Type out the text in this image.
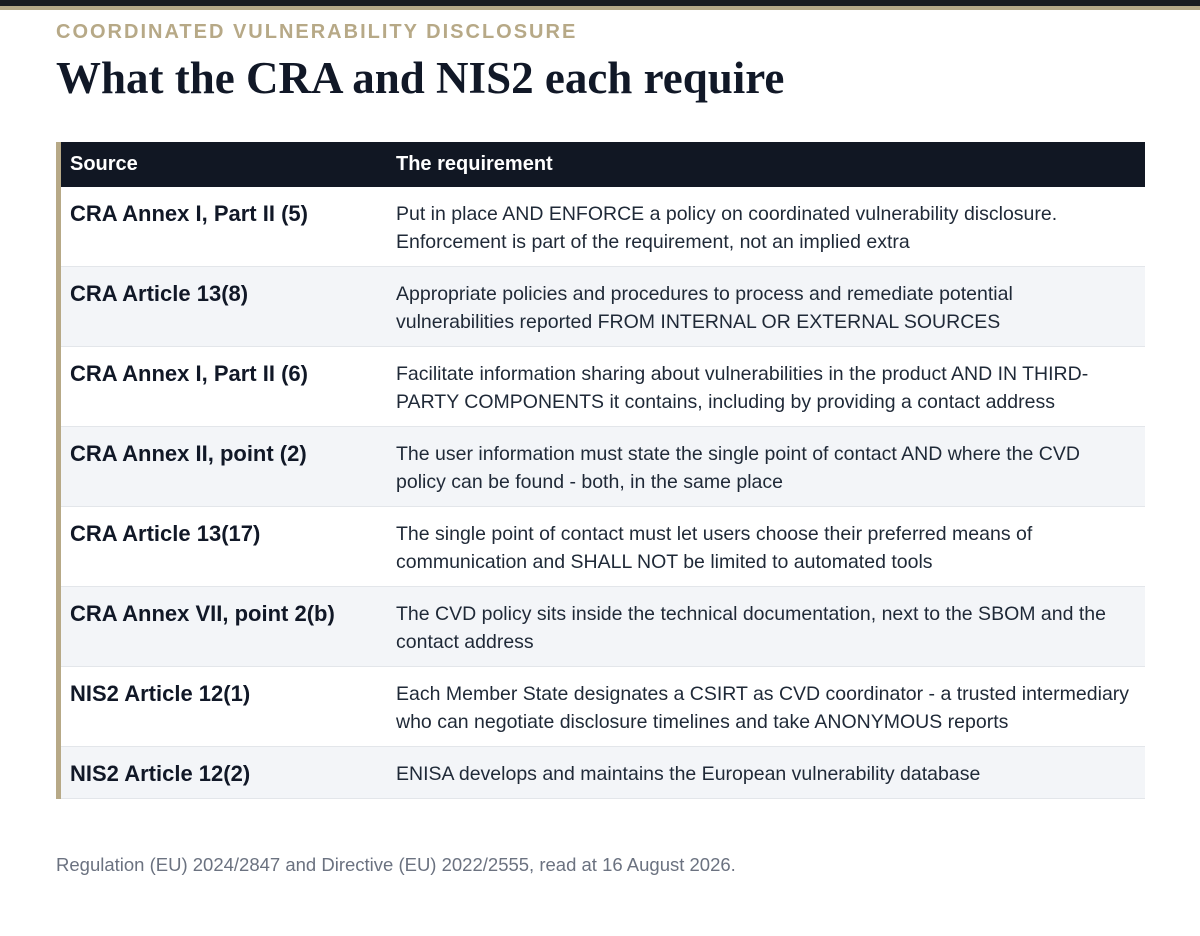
COORDINATED VULNERABILITY DISCLOSURE
What the CRA and NIS2 each require
Source	The requirement
CRA Annex I, Part II (5)	Put in place AND ENFORCE a policy on coordinated vulnerability disclosure. Enforcement is part of the requirement, not an implied extra
CRA Article 13(8)	Appropriate policies and procedures to process and remediate potential vulnerabilities reported FROM INTERNAL OR EXTERNAL SOURCES
CRA Annex I, Part II (6)	Facilitate information sharing about vulnerabilities in the product AND IN THIRD-PARTY COMPONENTS it contains, including by providing a contact address
CRA Annex II, point (2)	The user information must state the single point of contact AND where the CVD policy can be found - both, in the same place
CRA Article 13(17)	The single point of contact must let users choose their preferred means of communication and SHALL NOT be limited to automated tools
CRA Annex VII, point 2(b)	The CVD policy sits inside the technical documentation, next to the SBOM and the contact address
NIS2 Article 12(1)	Each Member State designates a CSIRT as CVD coordinator - a trusted intermediary who can negotiate disclosure timelines and take ANONYMOUS reports
NIS2 Article 12(2)	ENISA develops and maintains the European vulnerability database
Regulation (EU) 2024/2847 and Directive (EU) 2022/2555, read at 16 August 2026.
